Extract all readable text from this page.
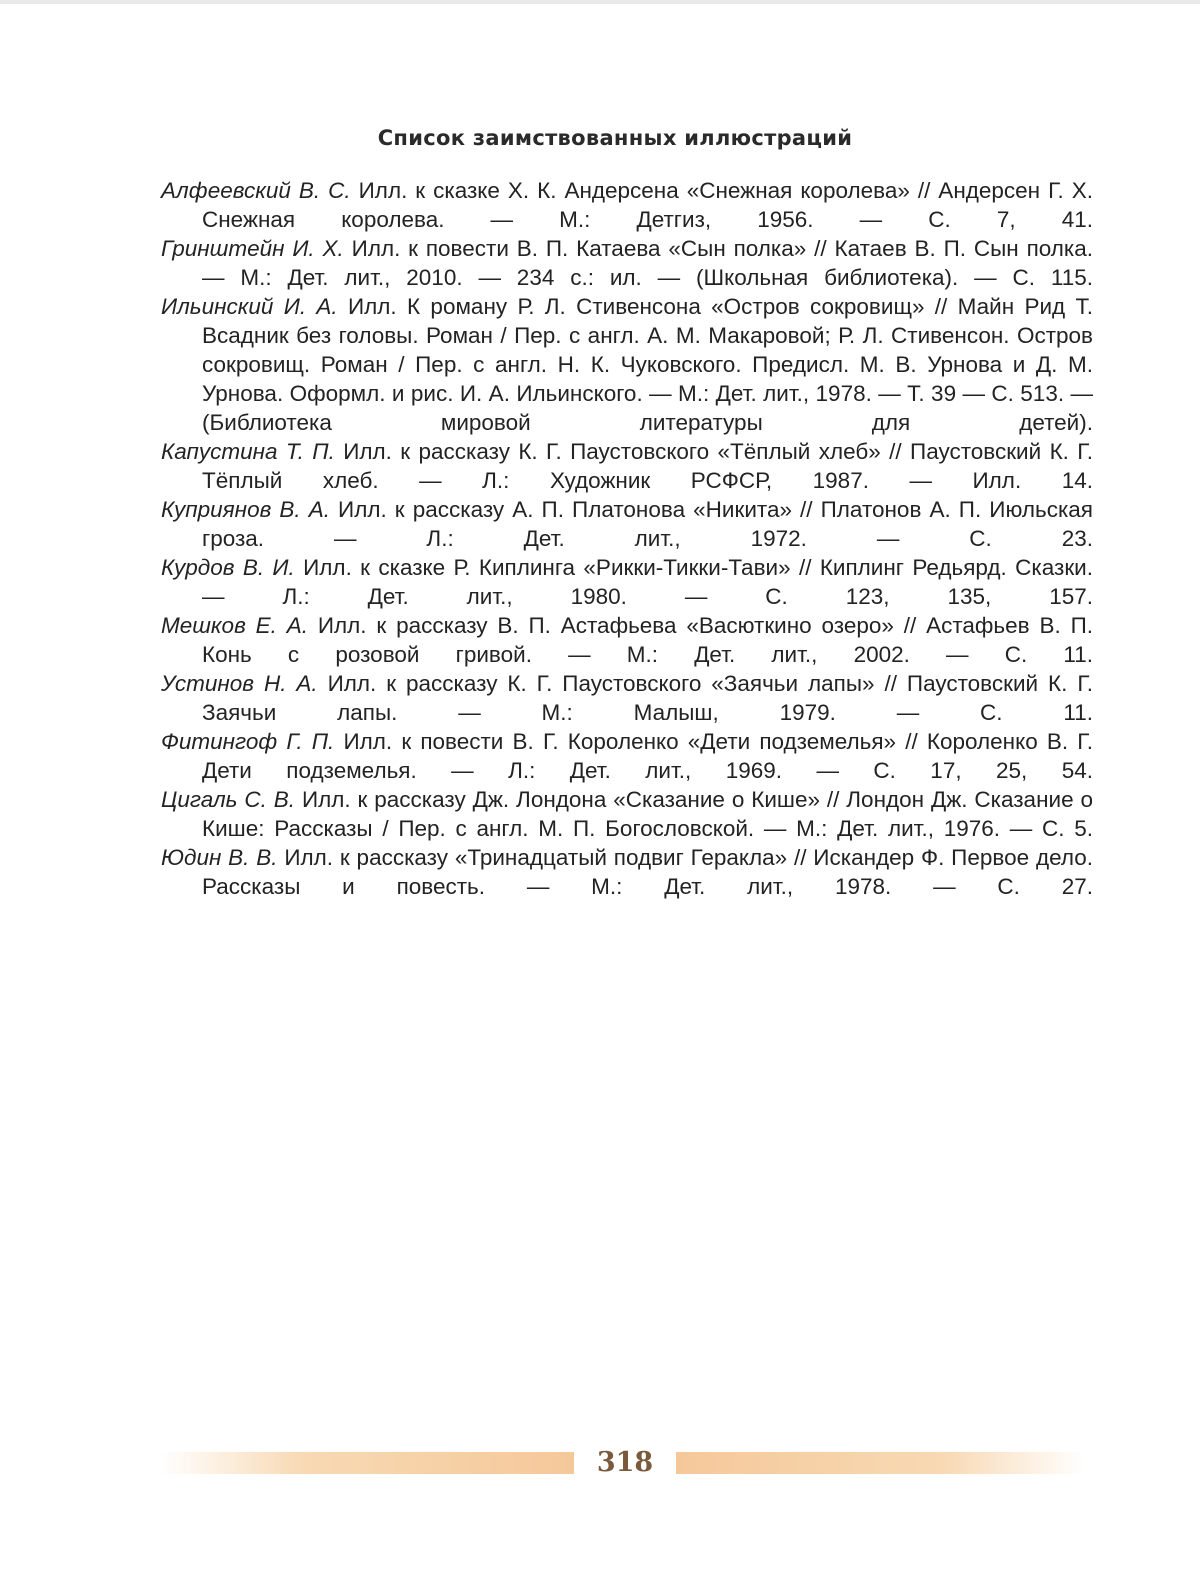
Список заимствованных иллюстраций
Алфеевский В. С. Илл. к сказке Х. К. Андерсена «Снежная королева» // Андерсен Г. Х. Снежная королева. — М.: Детгиз, 1956. — С. 7, 41.
Гринштейн И. Х. Илл. к повести В. П. Катаева «Сын полка» // Катаев В. П. Сын полка. — М.: Дет. лит., 2010. — 234 с.: ил. — (Школьная библиотека). — С. 115.
Ильинский И. А. Илл. К роману Р. Л. Стивенсона «Остров сокровищ» // Майн Рид Т. Всадник без головы. Роман / Пер. с англ. А. М. Макаровой; Р. Л. Стивенсон. Остров сокровищ. Роман / Пер. с англ. Н. К. Чуковского. Предисл. М. В. Урнова и Д. М. Урнова. Оформл. и рис. И. А. Ильинского. — М.: Дет. лит., 1978. — Т. 39 — С. 513. — (Библиотека мировой литературы для детей).
Капустина Т. П. Илл. к рассказу К. Г. Паустовского «Тёплый хлеб» // Паустовский К. Г. Тёплый хлеб. — Л.: Художник РСФСР, 1987. — Илл. 14.
Куприянов В. А. Илл. к рассказу А. П. Платонова «Никита» // Платонов А. П. Июльская гроза. — Л.: Дет. лит., 1972. — С. 23.
Курдов В. И. Илл. к сказке Р. Киплинга «Рикки-Тикки-Тави» // Киплинг Редьярд. Сказки. — Л.: Дет. лит., 1980. — С. 123, 135, 157.
Мешков Е. А. Илл. к рассказу В. П. Астафьева «Васюткино озеро» // Астафьев В. П. Конь с розовой гривой. — М.: Дет. лит., 2002. — С. 11.
Устинов Н. А. Илл. к рассказу К. Г. Паустовского «Заячьи лапы» // Паустовский К. Г. Заячьи лапы. — М.: Малыш, 1979. — С. 11.
Фитингоф Г. П. Илл. к повести В. Г. Короленко «Дети подземелья» // Короленко В. Г. Дети подземелья. — Л.: Дет. лит., 1969. — С. 17, 25, 54.
Цигаль С. В. Илл. к рассказу Дж. Лондона «Сказание о Кише» // Лондон Дж. Сказание о Кише: Рассказы / Пер. с англ. М. П. Богословской. — М.: Дет. лит., 1976. — С. 5.
Юдин В. В. Илл. к рассказу «Тринадцатый подвиг Геракла» // Искандер Ф. Первое дело. Рассказы и повесть. — М.: Дет. лит., 1978. — С. 27.
318
